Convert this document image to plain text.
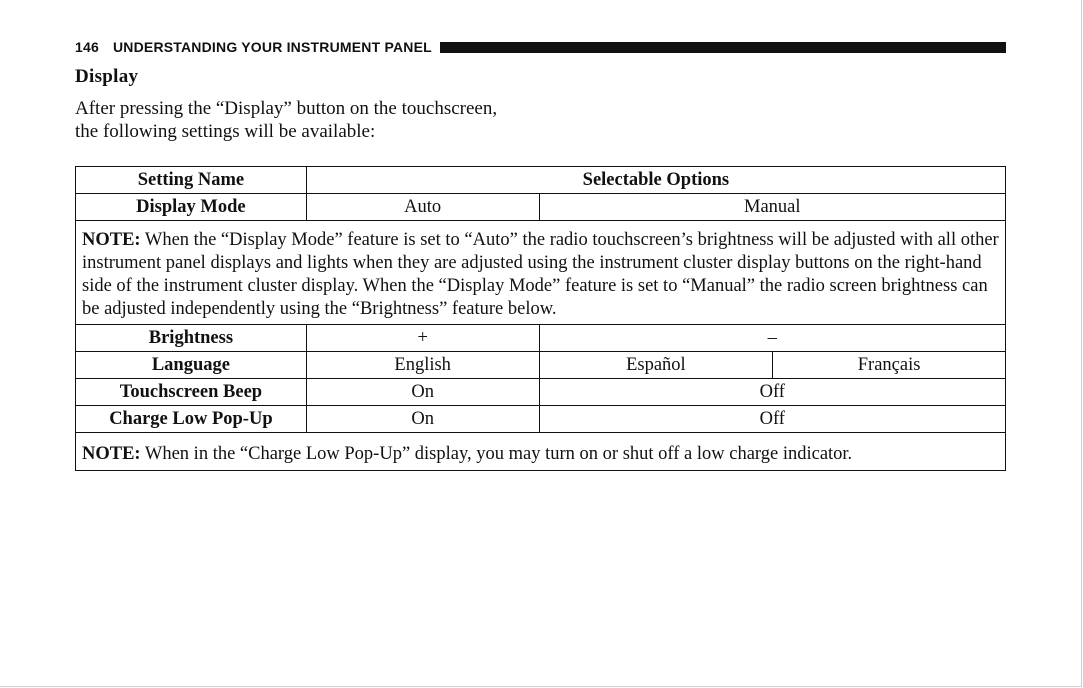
146 UNDERSTANDING YOUR INSTRUMENT PANEL
Display
After pressing the “Display” button on the touchscreen,
the following settings will be available:
Setting Name	Selectable Options		
Display Mode	Auto	Manual	
NOTE: When the “Display Mode” feature is set to “Auto” the radio touchscreen’s brightness will be adjusted with all other instrument panel displays and lights when they are adjusted using the instrument cluster display buttons on the right-hand side of the instrument cluster display. When the “Display Mode” feature is set to “Manual” the radio screen brightness can be adjusted independently using the “Brightness” feature below.			
Brightness	+	–	
Language	English	Español	Français
Touchscreen Beep	On	Off	
Charge Low Pop-Up	On	Off	
NOTE: When in the “Charge Low Pop-Up” display, you may turn on or shut off a low charge indicator.			
